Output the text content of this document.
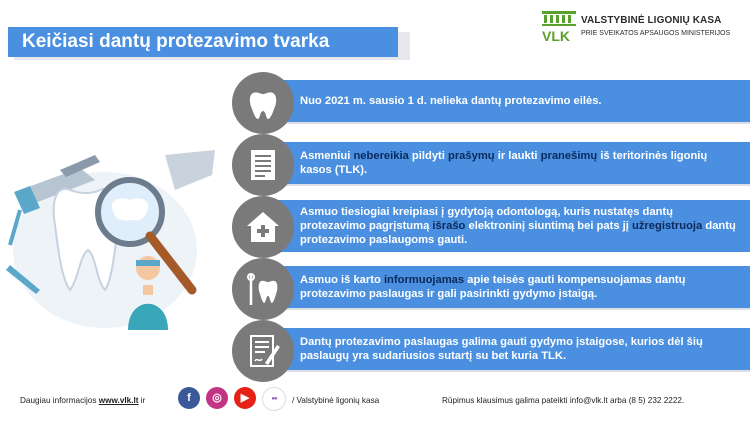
Keičiasi dantų protezavimo tvarka	VLK
VALSTYBINĖ LIGONIŲ KASA
PRIE SVEIKATOS APSAUGOS MINISTERIJOS
Nuo 2021 m. sausio 1 d. nelieka dantų protezavimo eilės.
Asmeniui nebereikia pildyti prašymų ir laukti pranešimų iš teritorinės ligonių kasos (TLK).
Asmuo tiesiogiai kreipiasi į gydytoją odontologą, kuris nustatęs dantų protezavimo pagrįstumą išrašo elektroninį siuntimą bei pats jį užregistruoja dantų protezavimo paslaugoms gauti.
Asmuo iš karto informuojamas apie teisės gauti kompensuojamas dantų protezavimo paslaugas ir gali pasirinkti gydymo įstaigą.
Dantų protezavimo paslaugas galima gauti gydymo įstaigose, kurios dėl šių paslaugų yra sudariusios sutartį su bet kuria TLK.
Daugiau informacijos www.vlk.lt ir	f	◎	▶	●●	/ Valstybinė ligonių kasa	Rūpimus klausimus galima pateikti info@vlk.lt arba (8 5) 232 2222.
